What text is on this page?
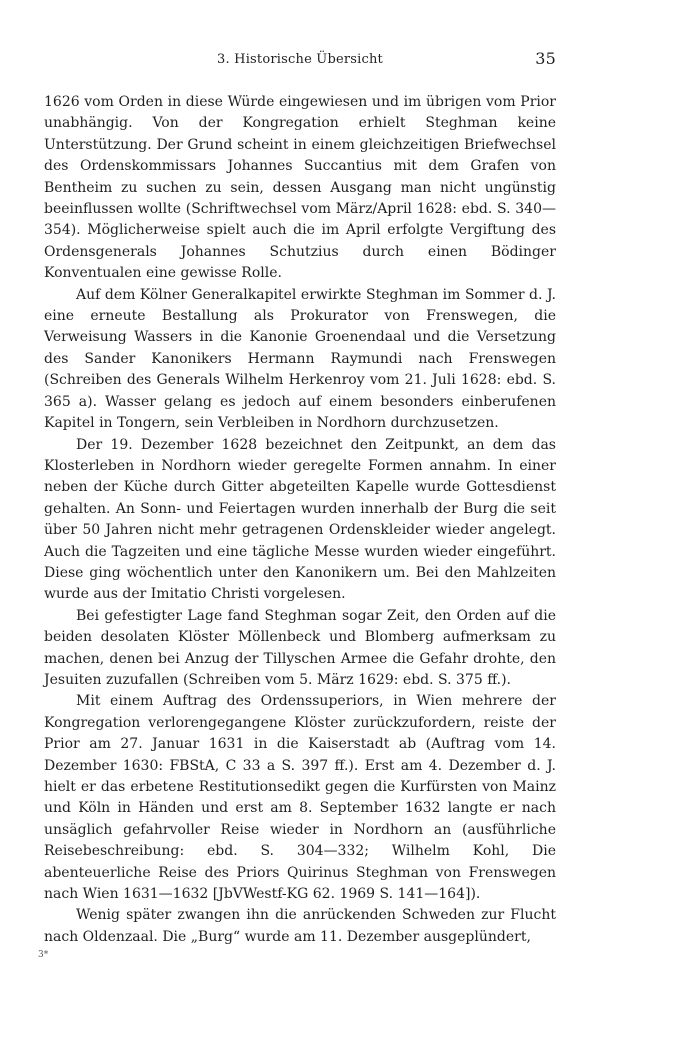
3. Historische Übersicht	35

1626 vom Orden in diese Würde eingewiesen und im übrigen vom Prior unabhängig. Von der Kongregation erhielt Steghman keine Unterstützung. Der Grund scheint in einem gleichzeitigen Briefwechsel des Ordenskommissars Johannes Succantius mit dem Grafen von Bentheim zu suchen zu sein, dessen Ausgang man nicht ungünstig beeinflussen wollte (Schriftwechsel vom März/April 1628: ebd. S. 340—354). Möglicherweise spielt auch die im April erfolgte Vergiftung des Ordensgenerals Johannes Schutzius durch einen Bödinger Konventualen eine gewisse Rolle.

Auf dem Kölner Generalkapitel erwirkte Steghman im Sommer d. J. eine erneute Bestallung als Prokurator von Frenswegen, die Verweisung Wassers in die Kanonie Groenendaal und die Versetzung des Sander Kanonikers Hermann Raymundi nach Frenswegen (Schreiben des Generals Wilhelm Herkenroy vom 21. Juli 1628: ebd. S. 365 a). Wasser gelang es jedoch auf einem besonders einberufenen Kapitel in Tongern, sein Verbleiben in Nordhorn durchzusetzen.

Der 19. Dezember 1628 bezeichnet den Zeitpunkt, an dem das Klosterleben in Nordhorn wieder geregelte Formen annahm. In einer neben der Küche durch Gitter abgeteilten Kapelle wurde Gottesdienst gehalten. An Sonn- und Feiertagen wurden innerhalb der Burg die seit über 50 Jahren nicht mehr getragenen Ordenskleider wieder angelegt. Auch die Tagzeiten und eine tägliche Messe wurden wieder eingeführt. Diese ging wöchentlich unter den Kanonikern um. Bei den Mahlzeiten wurde aus der Imitatio Christi vorgelesen.

Bei gefestigter Lage fand Steghman sogar Zeit, den Orden auf die beiden desolaten Klöster Möllenbeck und Blomberg aufmerksam zu machen, denen bei Anzug der Tillyschen Armee die Gefahr drohte, den Jesuiten zuzufallen (Schreiben vom 5. März 1629: ebd. S. 375 ff.).

Mit einem Auftrag des Ordenssuperiors, in Wien mehrere der Kongregation verlorengegangene Klöster zurückzufordern, reiste der Prior am 27. Januar 1631 in die Kaiserstadt ab (Auftrag vom 14. Dezember 1630: FBStA, C 33 a S. 397 ff.). Erst am 4. Dezember d. J. hielt er das erbetene Restitutionsedikt gegen die Kurfürsten von Mainz und Köln in Händen und erst am 8. September 1632 langte er nach unsäglich gefahrvoller Reise wieder in Nordhorn an (ausführliche Reisebeschreibung: ebd. S. 304—332; Wilhelm Kohl, Die abenteuerliche Reise des Priors Quirinus Steghman von Frenswegen nach Wien 1631—1632 [JbVWestf-KG 62. 1969 S. 141—164]).

Wenig später zwangen ihn die anrückenden Schweden zur Flucht nach Oldenzaal. Die „Burg“ wurde am 11. Dezember ausgeplündert,

3*
